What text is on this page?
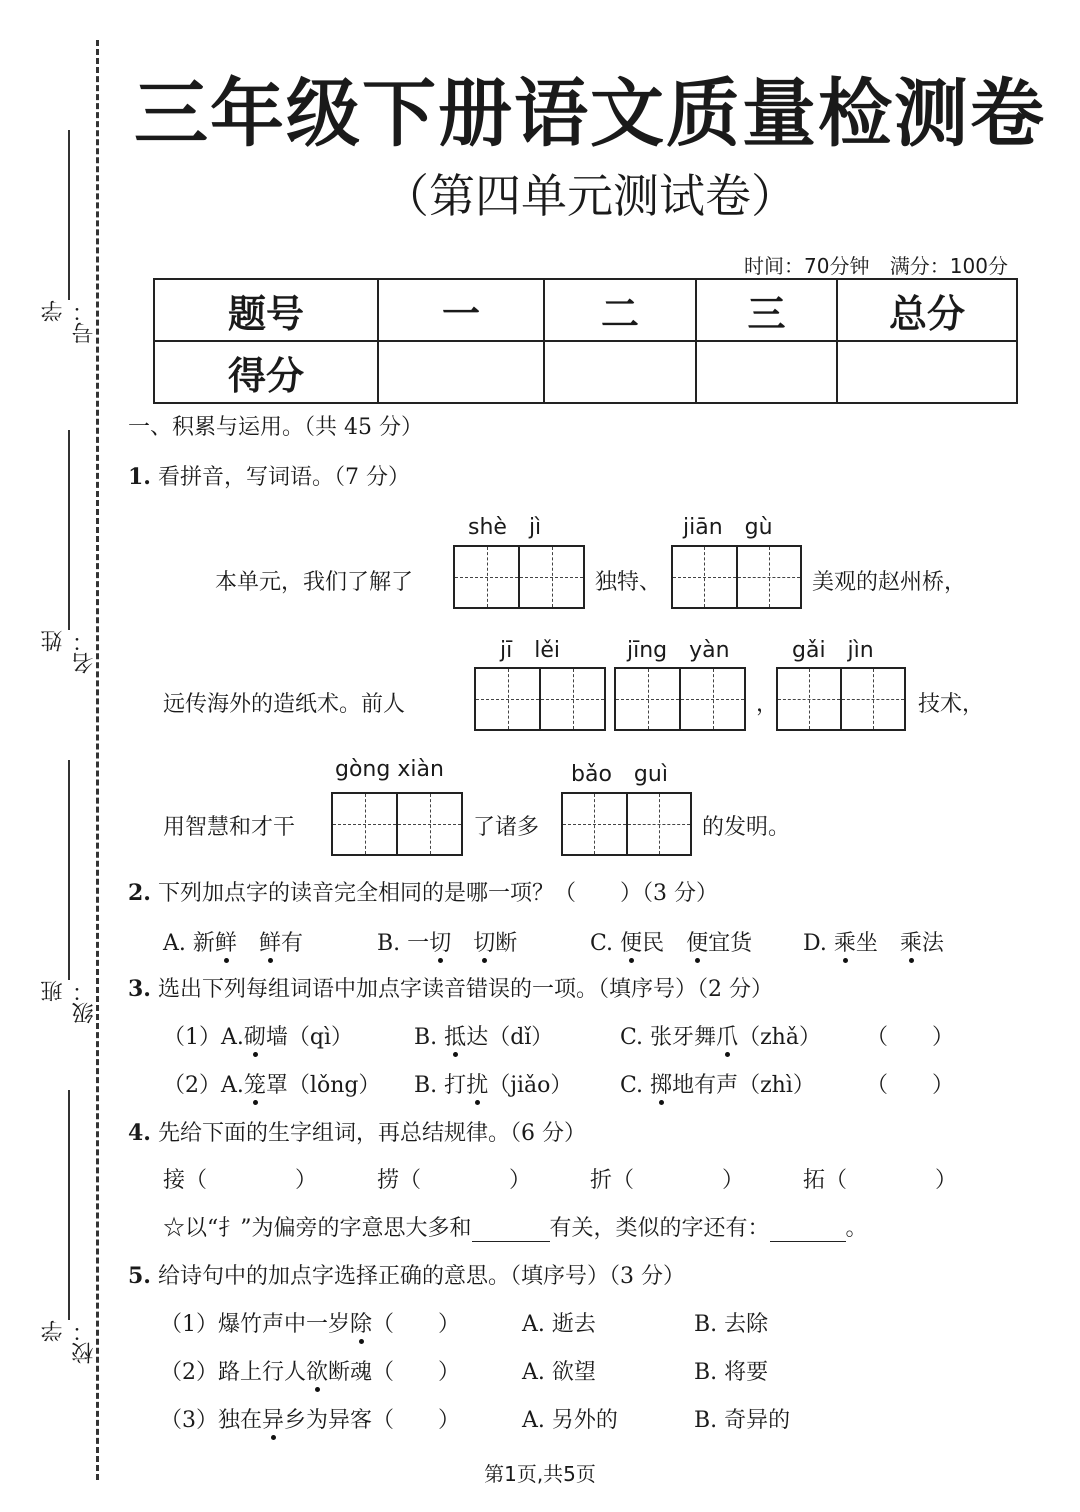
学号：
姓名：
班级：
学校：
三年级下册语文质量检测卷
（第四单元测试卷）
时间：70分钟 满分：100分
题号	一	二	三	总分
得分				
一、积累与运用。（共 45 分）
1. 看拼音，写词语。（7 分）
shè　jì	jiān　gù
本单元，我们了解了	独特、	美观的赵州桥，
jī　lěi	jīng　yàn	gǎi　jìn
远传海外的造纸术。前人	，	技术，
gòng xiàn	bǎo　guì
用智慧和才干	了诸多	的发明。
2. 下列加点字的读音完全相同的是哪一项？（　　）（3 分）
A. 新鲜　 鲜有	B. 一切　 切断	C. 便民　 便宜货 D. 乘坐　 乘法
3. 选出下列每组词语中加点字读音错误的一项。（填序号）（2 分）
（1）A.砌墙（qì）	B. 抵达（dǐ）	C. 张牙舞爪（zhǎ） （　　）
（2）A.笼罩（lǒng） B. 打扰（jiǎo） C. 掷地有声（zhì） （　　）
4. 先给下面的生字组词，再总结规律。（6 分）
接（　　　　）	捞（　　　　）	折（　　　　）	拓（　　　　）
☆以“扌”为偏旁的字意思大多和	有关，类似的字还有：	。
5. 给诗句中的加点字选择正确的意思。（填序号）（3 分）
（1）爆竹声中一岁除（　　）	A. 逝去	B. 去除
（2）路上行人欲断魂（　　）	A. 欲望	B. 将要
（3）独在异乡为异客（　　）	A. 另外的	B. 奇异的
第1页,共5页
